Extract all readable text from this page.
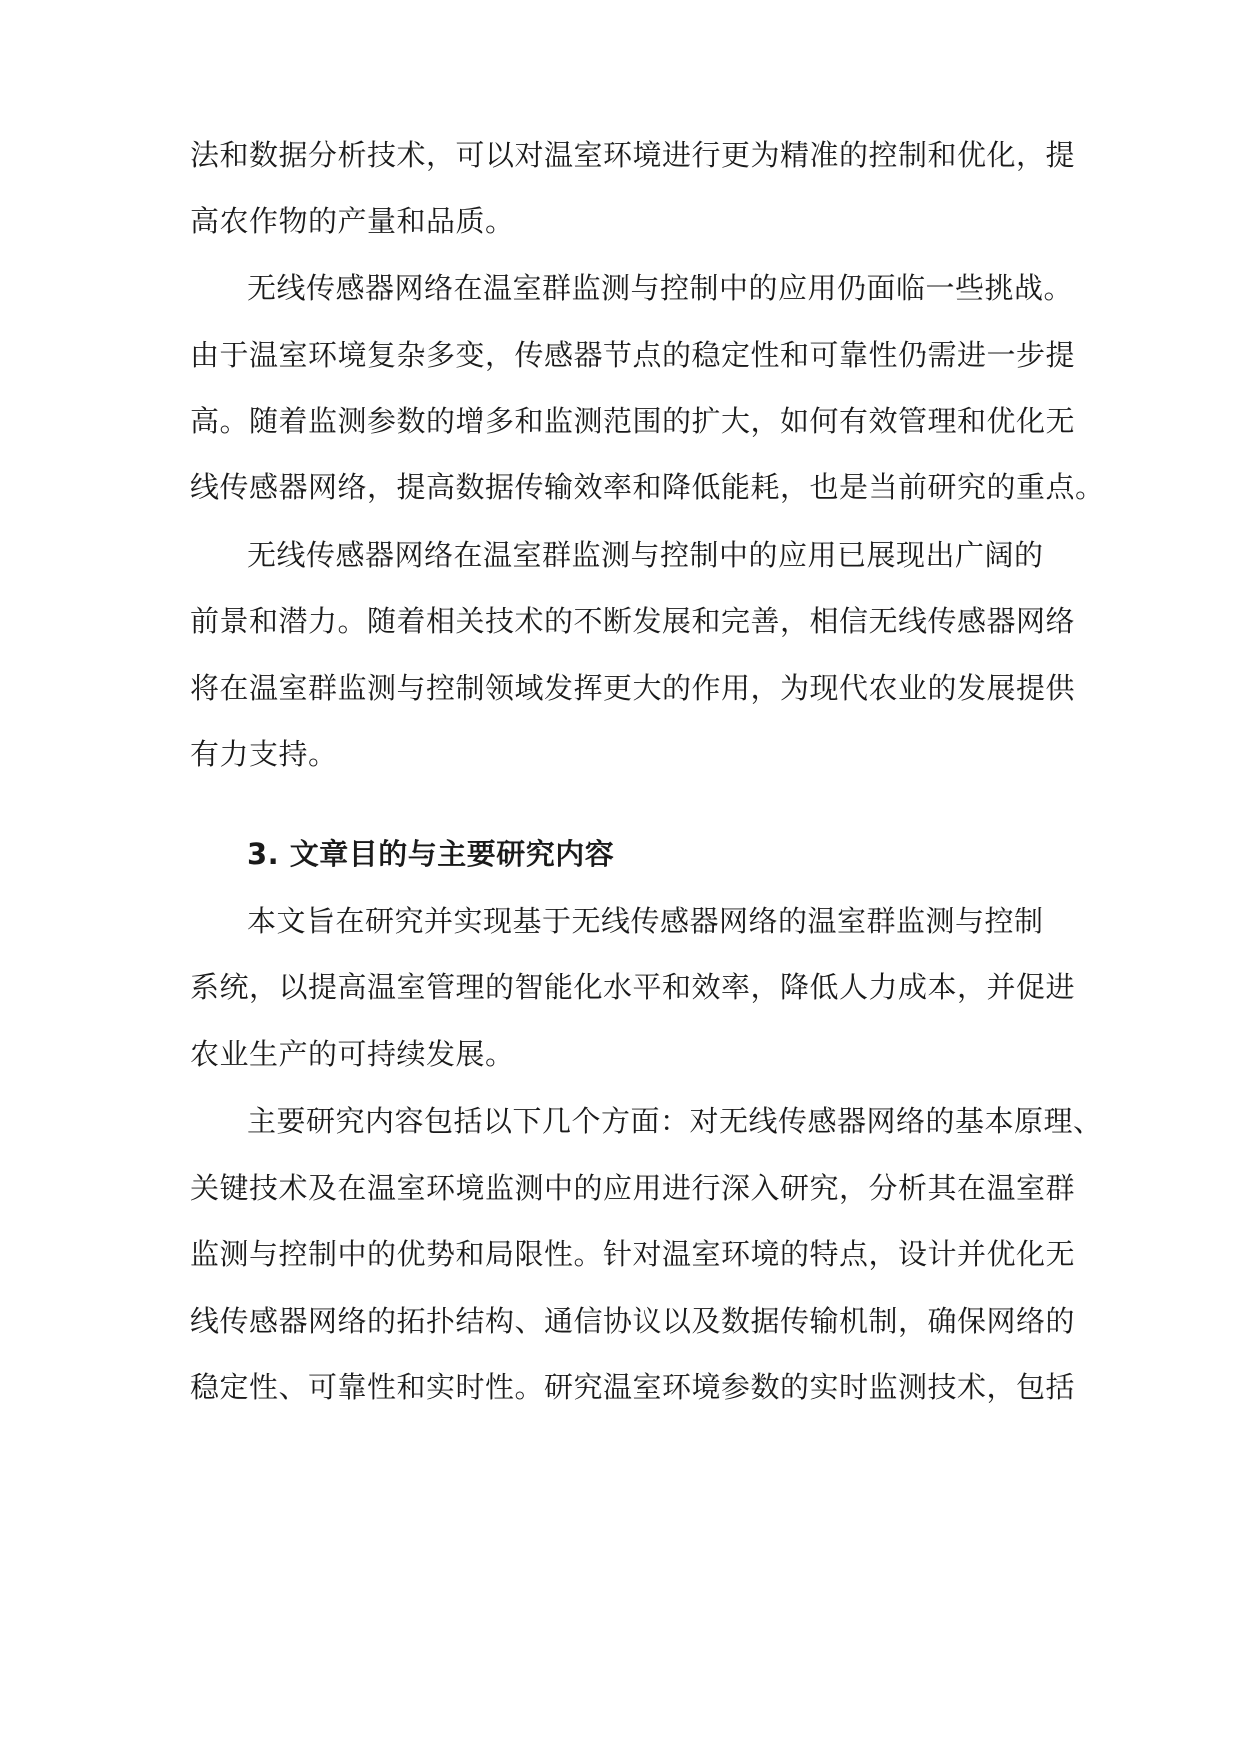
法和数据分析技术，可以对温室环境进行更为精准的控制和优化，提
高农作物的产量和品质。
无线传感器网络在温室群监测与控制中的应用仍面临一些挑战。
由于温室环境复杂多变，传感器节点的稳定性和可靠性仍需进一步提
高。随着监测参数的增多和监测范围的扩大，如何有效管理和优化无
线传感器网络，提高数据传输效率和降低能耗，也是当前研究的重点。
无线传感器网络在温室群监测与控制中的应用已展现出广阔的
前景和潜力。随着相关技术的不断发展和完善，相信无线传感器网络
将在温室群监测与控制领域发挥更大的作用，为现代农业的发展提供
有力支持。
3. 文章目的与主要研究内容
本文旨在研究并实现基于无线传感器网络的温室群监测与控制
系统，以提高温室管理的智能化水平和效率，降低人力成本，并促进
农业生产的可持续发展。
主要研究内容包括以下几个方面：对无线传感器网络的基本原理、
关键技术及在温室环境监测中的应用进行深入研究，分析其在温室群
监测与控制中的优势和局限性。针对温室环境的特点，设计并优化无
线传感器网络的拓扑结构、通信协议以及数据传输机制，确保网络的
稳定性、可靠性和实时性。研究温室环境参数的实时监测技术，包括
